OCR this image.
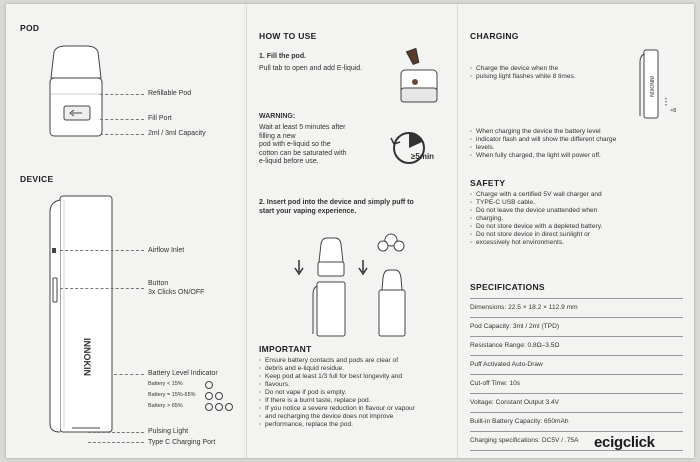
POD
Refillable Pod
Fill Port
2ml / 3ml Capacity
DEVICE
INNOKIN
Airflow Inlet
Button
3x Clicks ON/OFF
Battery Level Indicator
Battery < 15%
Battery = 15%-65%
Battery > 65%
Pulsing Light
Type C Charging Port
HOW TO USE
1. Fill the pod.
Pull tab to open and add E-liquid.
WARNING:
Wait at least 5 minutes after
filling a new
pod with e-liquid so the
cotton can be saturated with
e-liquid before use.
≥5min
2. Insert pod into the device and simply puff to
start your vaping experience.
IMPORTANT
· Ensure battery contacts and pods are clear of
· debris and e-liquid residue.
· Keep pod at least 1/3 full for best longevity and
· flavours.
· Do not vape if pod is empty.
· If there is a burnt taste, replace pod.
· If you notice a severe reduction in flavour or vapour
· and recharging the device does not improve
· performance, replace the pod.
CHARGING
· Charge the device when the
· pulsing light flashes white 8 times.	INNOKIN
×8
· When charging the device the battery level
· indicator flash and will show the different charge
· levels.
· When fully charged, the light will power off.
SAFETY
· Charge with a certified 5V wall charger and
· TYPE-C USB cable.
· Do not leave the device unattended when
· charging.
· Do not store device with a depleted battery.
· Do not store device in direct sunlight or
· excessively hot environments.
SPECIFICATIONS
Dimensions: 22.5 × 18.2 × 112.9 mm
Pod Capacity: 3ml / 2ml (TPD)
Resistance Range: 0.8Ω–3.5Ω
Puff Activated Auto-Draw
Cut-off Time: 10s
Voltage: Constant Output 3.4V
Built-in Battery Capacity: 650mAh
Charging specifications: DC5V / .75A	ecigclick
